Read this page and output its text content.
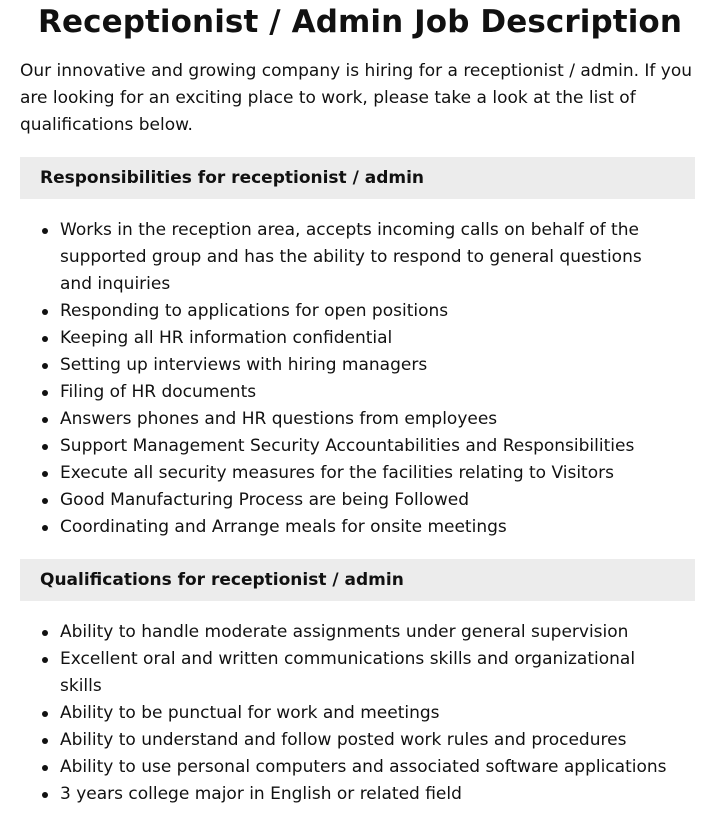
Receptionist / Admin Job Description

Our innovative and growing company is hiring for a receptionist / admin. If you are looking for an exciting place to work, please take a look at the list of qualifications below.

Responsibilities for receptionist / admin
Works in the reception area, accepts incoming calls on behalf of the supported group and has the ability to respond to general questions and inquiries
Responding to applications for open positions
Keeping all HR information confidential
Setting up interviews with hiring managers
Filing of HR documents
Answers phones and HR questions from employees
Support Management Security Accountabilities and Responsibilities
Execute all security measures for the facilities relating to Visitors
Good Manufacturing Process are being Followed
Coordinating and Arrange meals for onsite meetings
Qualifications for receptionist / admin
Ability to handle moderate assignments under general supervision
Excellent oral and written communications skills and organizational skills
Ability to be punctual for work and meetings
Ability to understand and follow posted work rules and procedures
Ability to use personal computers and associated software applications
3 years college major in English or related field
